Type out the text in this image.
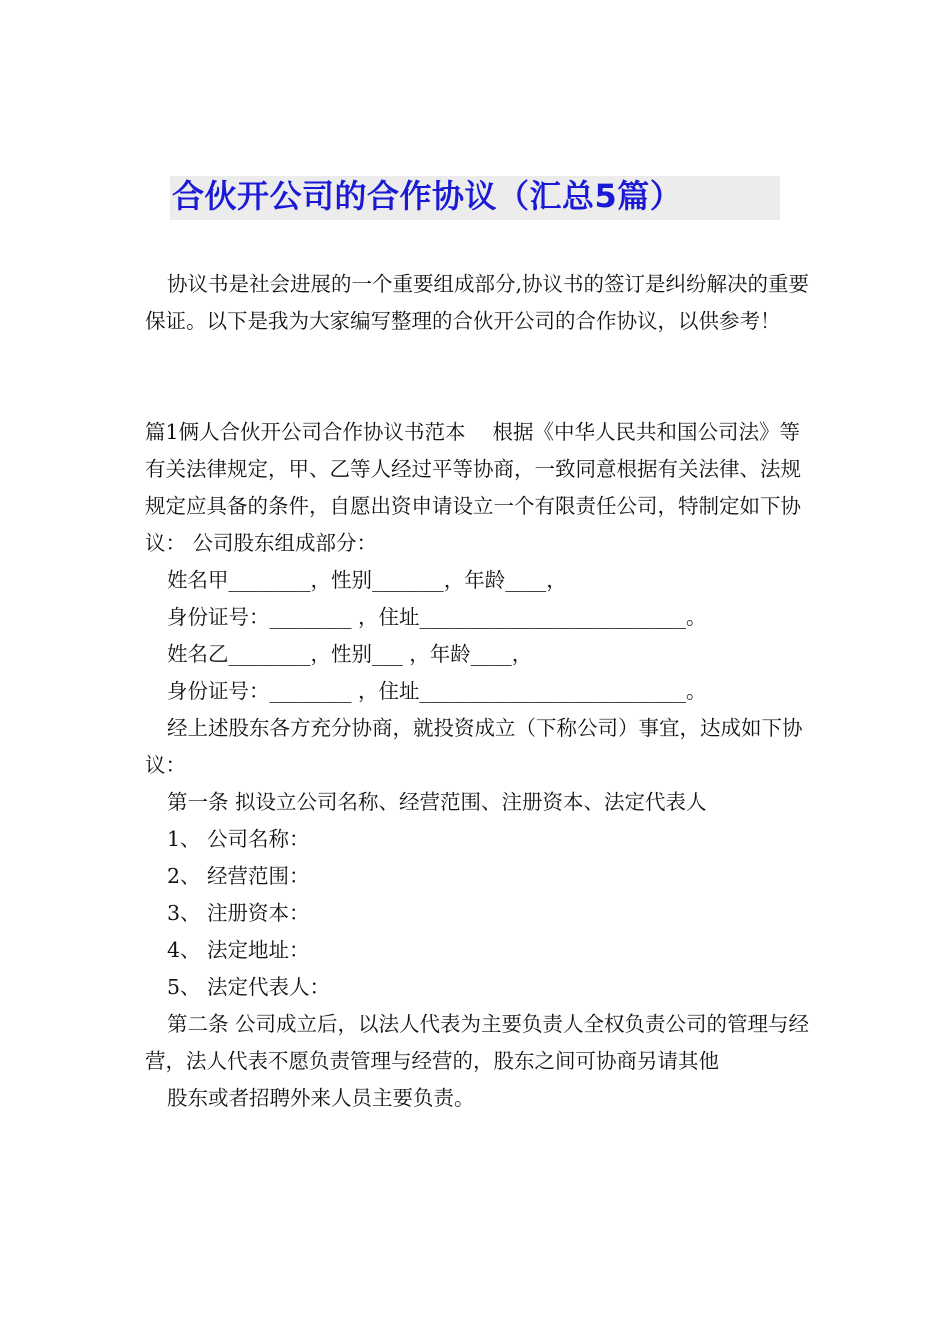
合伙开公司的合作协议（汇总5篇）

协议书是社会进展的一个重要组成部分,协议书的签订是纠纷解决的重要保证。以下是我为大家编写整理的合伙开公司的合作协议，以供参考！

篇1俩人合伙开公司合作协议书范本　 根据《中华人民共和国公司法》等有关法律规定，甲、乙等人经过平等协商，一致同意根据有关法律、法规规定应具备的条件，自愿出资申请设立一个有限责任公司，特制定如下协议： 公司股东组成部分：

姓名甲________，性别_______，年龄____，

身份证号：________ ，住址__________________________。

姓名乙________，性别___ ，年龄____，

身份证号：________ ，住址__________________________。

经上述股东各方充分协商，就投资成立（下称公司）事宜，达成如下协议：

第一条 拟设立公司名称、经营范围、注册资本、法定代表人

1、 公司名称：

2、 经营范围：

3、 注册资本：

4、 法定地址：

5、 法定代表人：

第二条 公司成立后，以法人代表为主要负责人全权负责公司的管理与经营，法人代表不愿负责管理与经营的，股东之间可协商另请其他

股东或者招聘外来人员主要负责。
